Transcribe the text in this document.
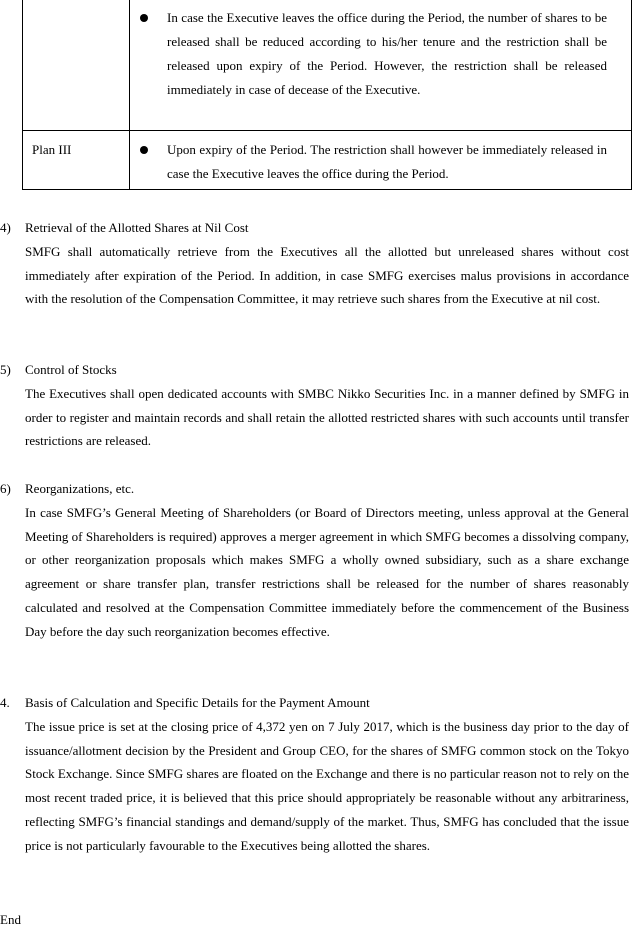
In case the Executive leaves the office during the Period, the number of shares to be released shall be reduced according to his/her tenure and the restriction shall be released upon expiry of the Period. However, the restriction shall be released immediately in case of decease of the Executive.
Plan III	Upon expiry of the Period. The restriction shall however be immediately released in case the Executive leaves the office during the Period.
4) Retrieval of the Allotted Shares at Nil Cost
SMFG shall automatically retrieve from the Executives all the allotted but unreleased shares without cost immediately after expiration of the Period. In addition, in case SMFG exercises malus provisions in accordance with the resolution of the Compensation Committee, it may retrieve such shares from the Executive at nil cost.
5) Control of Stocks
The Executives shall open dedicated accounts with SMBC Nikko Securities Inc. in a manner defined by SMFG in order to register and maintain records and shall retain the allotted restricted shares with such accounts until transfer restrictions are released.
6) Reorganizations, etc.
In case SMFG’s General Meeting of Shareholders (or Board of Directors meeting, unless approval at the General Meeting of Shareholders is required) approves a merger agreement in which SMFG becomes a dissolving company, or other reorganization proposals which makes SMFG a wholly owned subsidiary, such as a share exchange agreement or share transfer plan, transfer restrictions shall be released for the number of shares reasonably calculated and resolved at the Compensation Committee immediately before the commencement of the Business Day before the day such reorganization becomes effective.
4. Basis of Calculation and Specific Details for the Payment Amount
The issue price is set at the closing price of 4,372 yen on 7 July 2017, which is the business day prior to the day of issuance/allotment decision by the President and Group CEO, for the shares of SMFG common stock on the Tokyo Stock Exchange. Since SMFG shares are floated on the Exchange and there is no particular reason not to rely on the most recent traded price, it is believed that this price should appropriately be reasonable without any arbitrariness, reflecting SMFG’s financial standings and demand/supply of the market. Thus, SMFG has concluded that the issue price is not particularly favourable to the Executives being allotted the shares.
End
